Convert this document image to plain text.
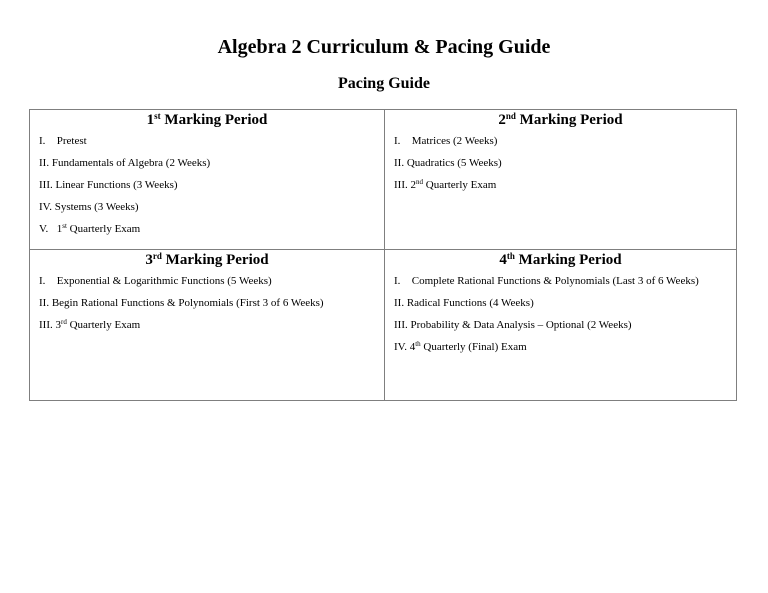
Algebra 2 Curriculum & Pacing Guide
Pacing Guide
1st Marking Period
I. Pretest
II. Fundamentals of Algebra (2 Weeks)
III. Linear Functions (3 Weeks)
IV. Systems (3 Weeks)
V. 1st Quarterly Exam
2nd Marking Period
I. Matrices (2 Weeks)
II. Quadratics (5 Weeks)
III. 2nd Quarterly Exam
3rd Marking Period
I. Exponential & Logarithmic Functions (5 Weeks)
II. Begin Rational Functions & Polynomials (First 3 of 6 Weeks)
III. 3rd Quarterly Exam
4th Marking Period
I. Complete Rational Functions & Polynomials (Last 3 of 6 Weeks)
II. Radical Functions (4 Weeks)
III. Probability & Data Analysis – Optional (2 Weeks)
IV. 4th Quarterly (Final) Exam
